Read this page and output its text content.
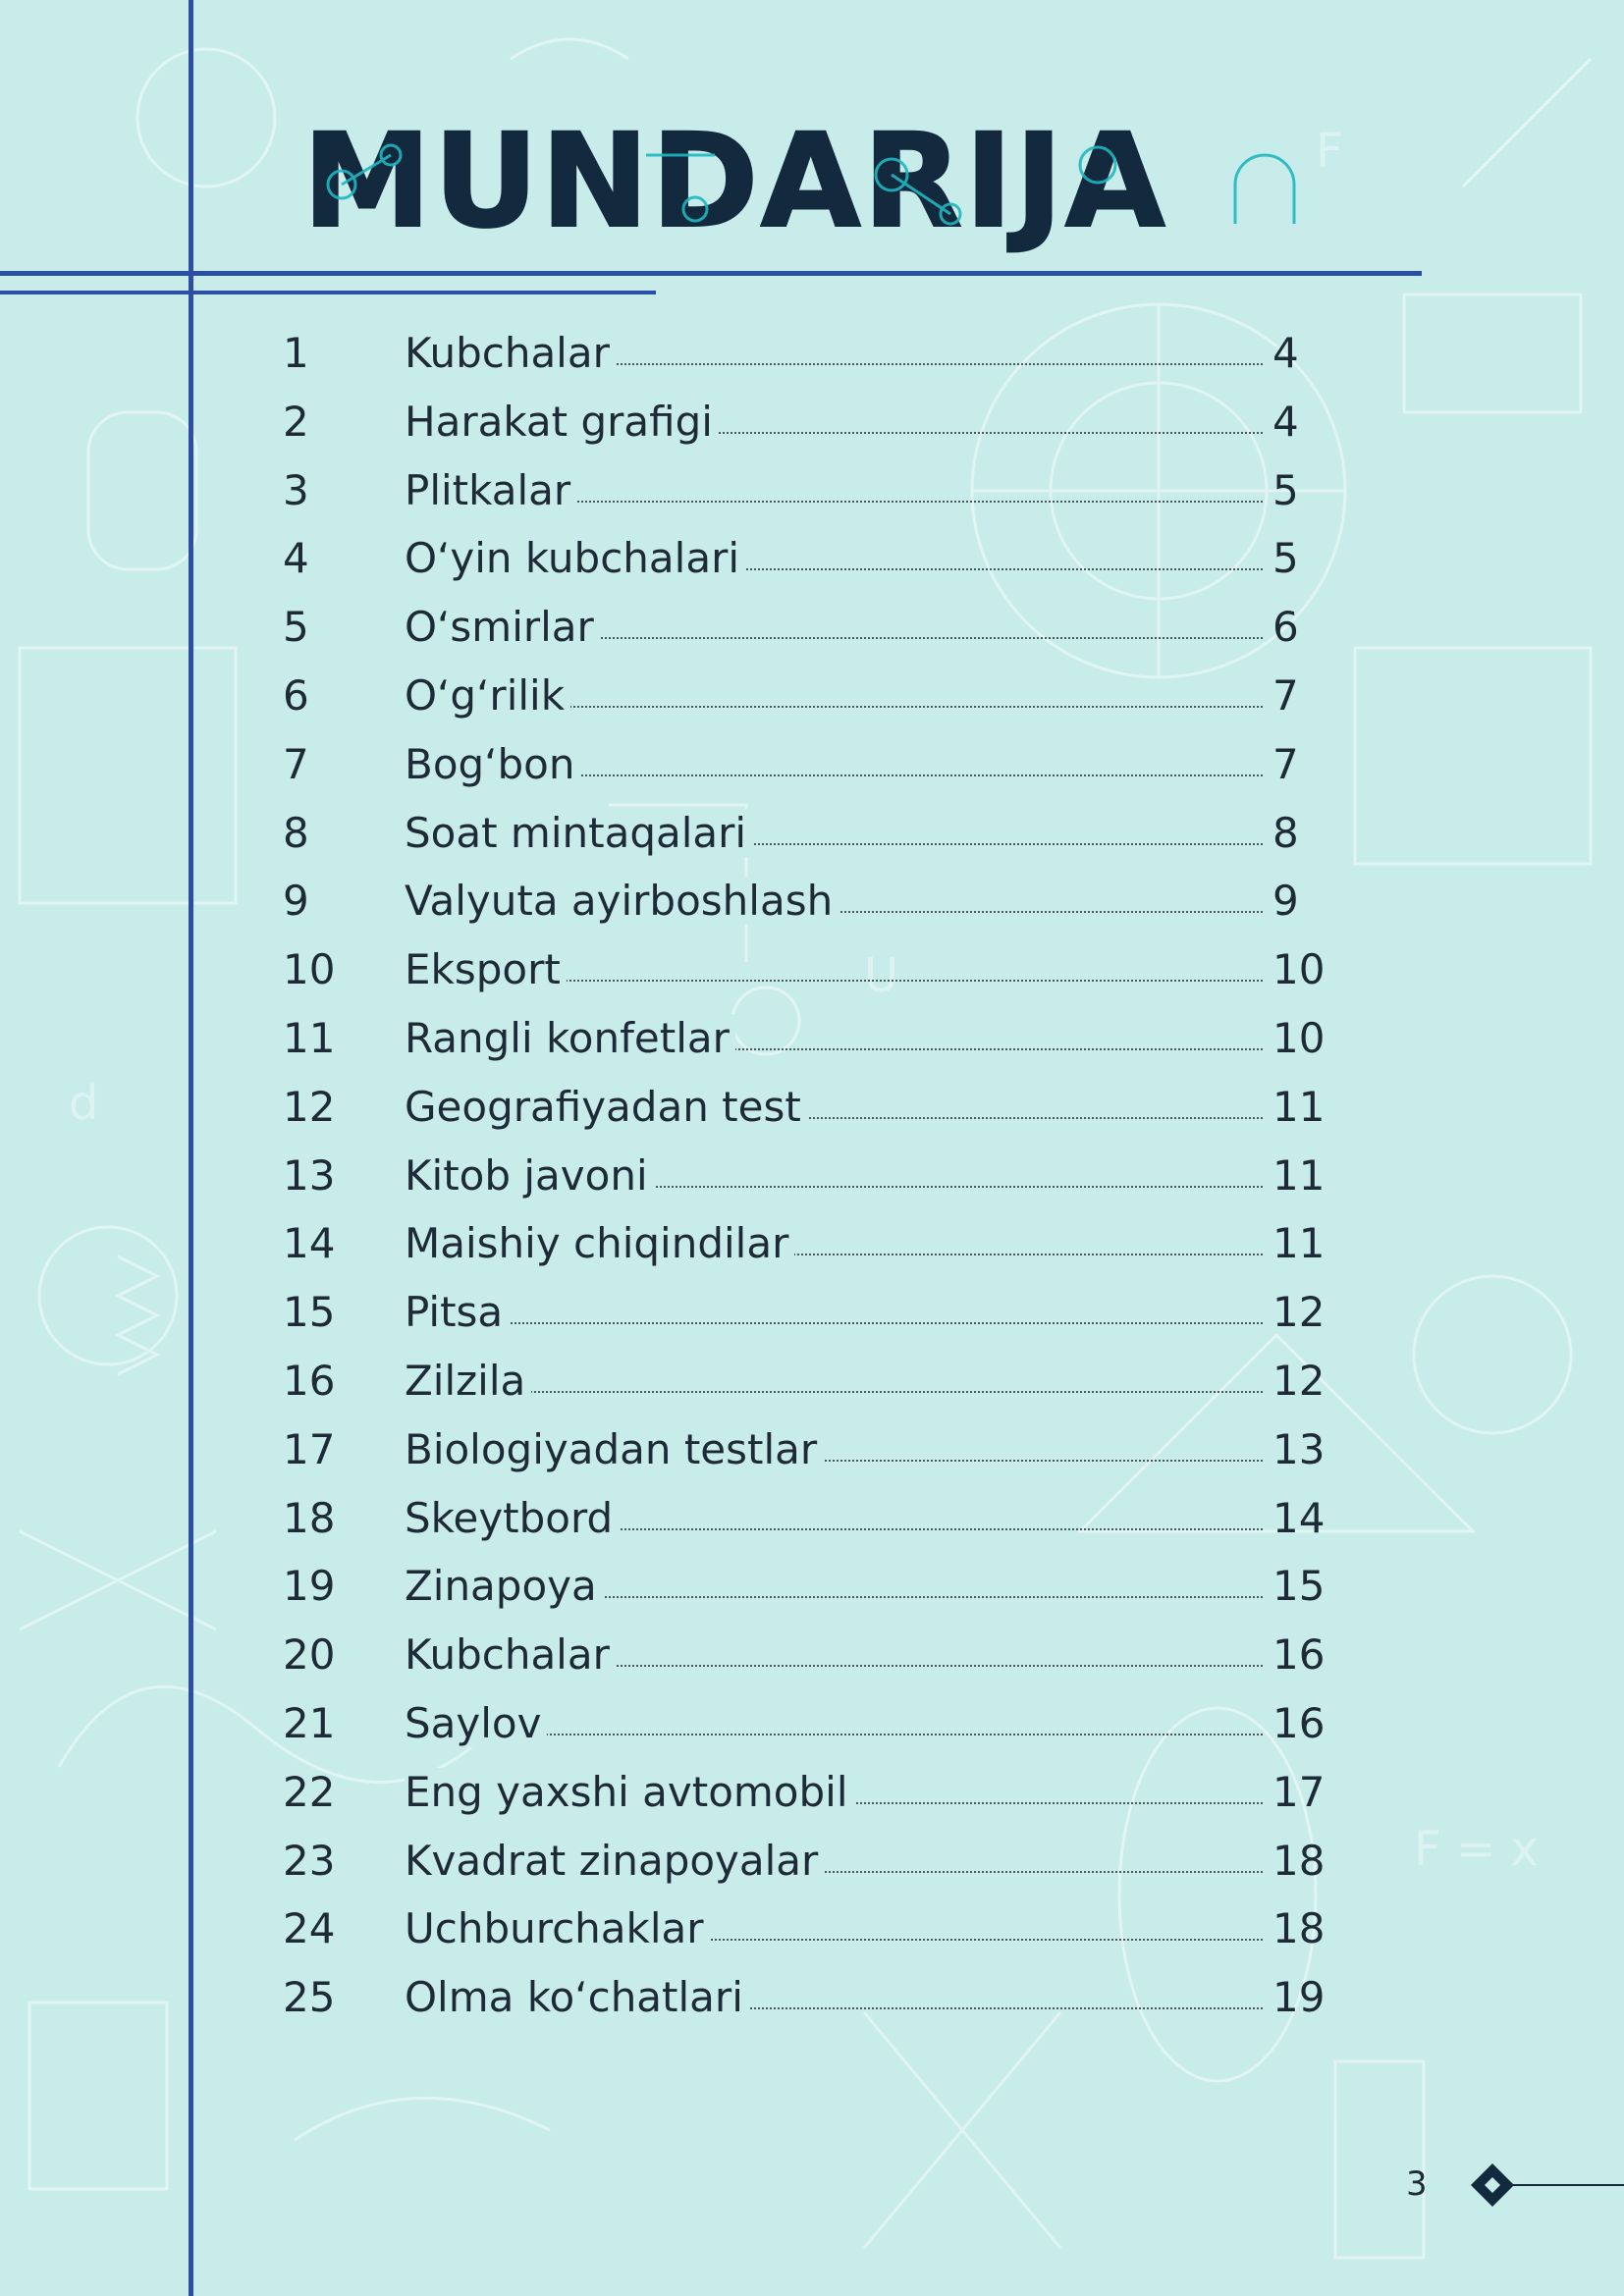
F
F = x
U
d
MUNDARIJA
1	Kubchalar	4
2	Harakat grafigi	4
3	Plitkalar	5
4	O‘yin kubchalari	5
5	O‘smirlar	6
6	O‘g‘rilik	7
7	Bog‘bon	7
8	Soat mintaqalari	8
9	Valyuta ayirboshlash	9
10	Eksport	10
11	Rangli konfetlar	10
12	Geografiyadan test	11
13	Kitob javoni	11
14	Maishiy chiqindilar	11
15	Pitsa	12
16	Zilzila	12
17	Biologiyadan testlar	13
18	Skeytbord	14
19	Zinapoya	15
20	Kubchalar	16
21	Saylov	16
22	Eng yaxshi avtomobil	17
23	Kvadrat zinapoyalar	18
24	Uchburchaklar	18
25	Olma ko‘chatlari	19
3
